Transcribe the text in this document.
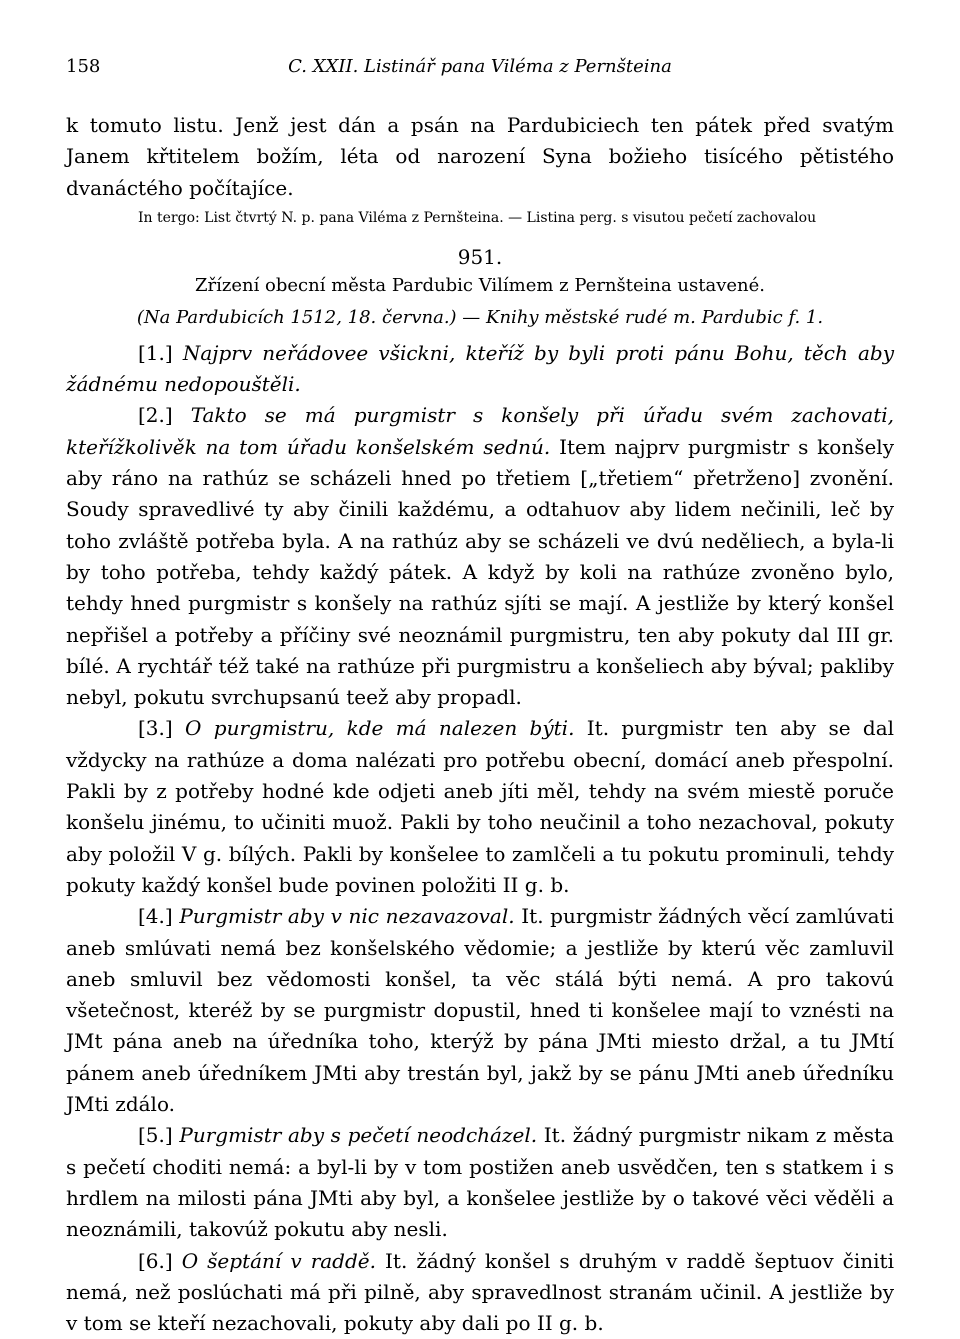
158	C. XXII. Listinář pana Viléma z Pernšteina

k tomuto listu. Jenž jest dán a psán na Pardubiciech ten pátek před svatým Janem křtitelem božím, léta od narození Syna božieho tisícého pětistého dvanáctého počítajíce.

In tergo: List čtvrtý N. p. pana Viléma z Pernšteina. — Listina perg. s visutou pečetí zachovalou
951.
Zřízení obecní města Pardubic Vilímem z Pernšteina ustavené.
(Na Pardubicích 1512, 18. června.) — Knihy městské rudé m. Pardubic f. 1.

[1.] Najprv neřádovee všickni, kteříž by byli proti pánu Bohu, těch aby žádnému nedopouštěli.

[2.] Takto se má purgmistr s konšely při úřadu svém zachovati, kteřížkolivěk na tom úřadu konšelském sednú. Item najprv purgmistr s konšely aby ráno na rathúz se scházeli hned po třetiem [„třetiem“ přetrženo] zvonění. Soudy spravedlivé ty aby činili každému, a odtahuov aby lidem nečinili, leč by toho zvláště potřeba byla. A na rathúz aby se scházeli ve dvú neděliech, a byla-li by toho potřeba, tehdy každý pátek. A když by koli na rathúze zvoněno bylo, tehdy hned purgmistr s konšely na rathúz sjíti se mají. A jestliže by který konšel nepřišel a potřeby a příčiny své neoznámil purgmistru, ten aby pokuty dal III gr. bílé. A rychtář též také na rathúze při purgmistru a konšeliech aby býval; pakliby nebyl, pokutu svrchupsanú teež aby propadl.

[3.] O purgmistru, kde má nalezen býti. It. purgmistr ten aby se dal vždycky na rathúze a doma nalézati pro potřebu obecní, domácí aneb přespolní. Pakli by z potřeby hodné kde odjeti aneb jíti měl, tehdy na svém miestě poruče konšelu jinému, to učiniti muož. Pakli by toho neučinil a toho nezachoval, pokuty aby položil V g. bílých. Pakli by konšelee to zamlčeli a tu pokutu prominuli, tehdy pokuty každý konšel bude povinen položiti II g. b.

[4.] Purgmistr aby v nic nezavazoval. It. purgmistr žádných věcí zamlúvati aneb smlúvati nemá bez konšelského vědomie; a jestliže by kterú věc zamluvil aneb smluvil bez vědomosti konšel, ta věc stálá býti nemá. A pro takovú všetečnost, kteréž by se purgmistr dopustil, hned ti konšelee mají to vznésti na JMt pána aneb na úředníka toho, kterýž by pána JMti miesto držal, a tu JMtí pánem aneb úředníkem JMti aby trestán byl, jakž by se pánu JMti aneb úředníku JMti zdálo.

[5.] Purgmistr aby s pečetí neodcházel. It. žádný purgmistr nikam z města s pečetí choditi nemá: a byl-li by v tom postižen aneb usvědčen, ten s statkem i s hrdlem na milosti pána JMti aby byl, a konšelee jestliže by o takové věci věděli a neoznámili, takovúž pokutu aby nesli.

[6.] O šeptání v raddě. It. žádný konšel s druhým v raddě šeptuov činiti nemá, než poslúchati má při pilně, aby spravedlnost stranám učinil. A jestliže by v tom se kteří nezachovali, pokuty aby dali po II g. b.
